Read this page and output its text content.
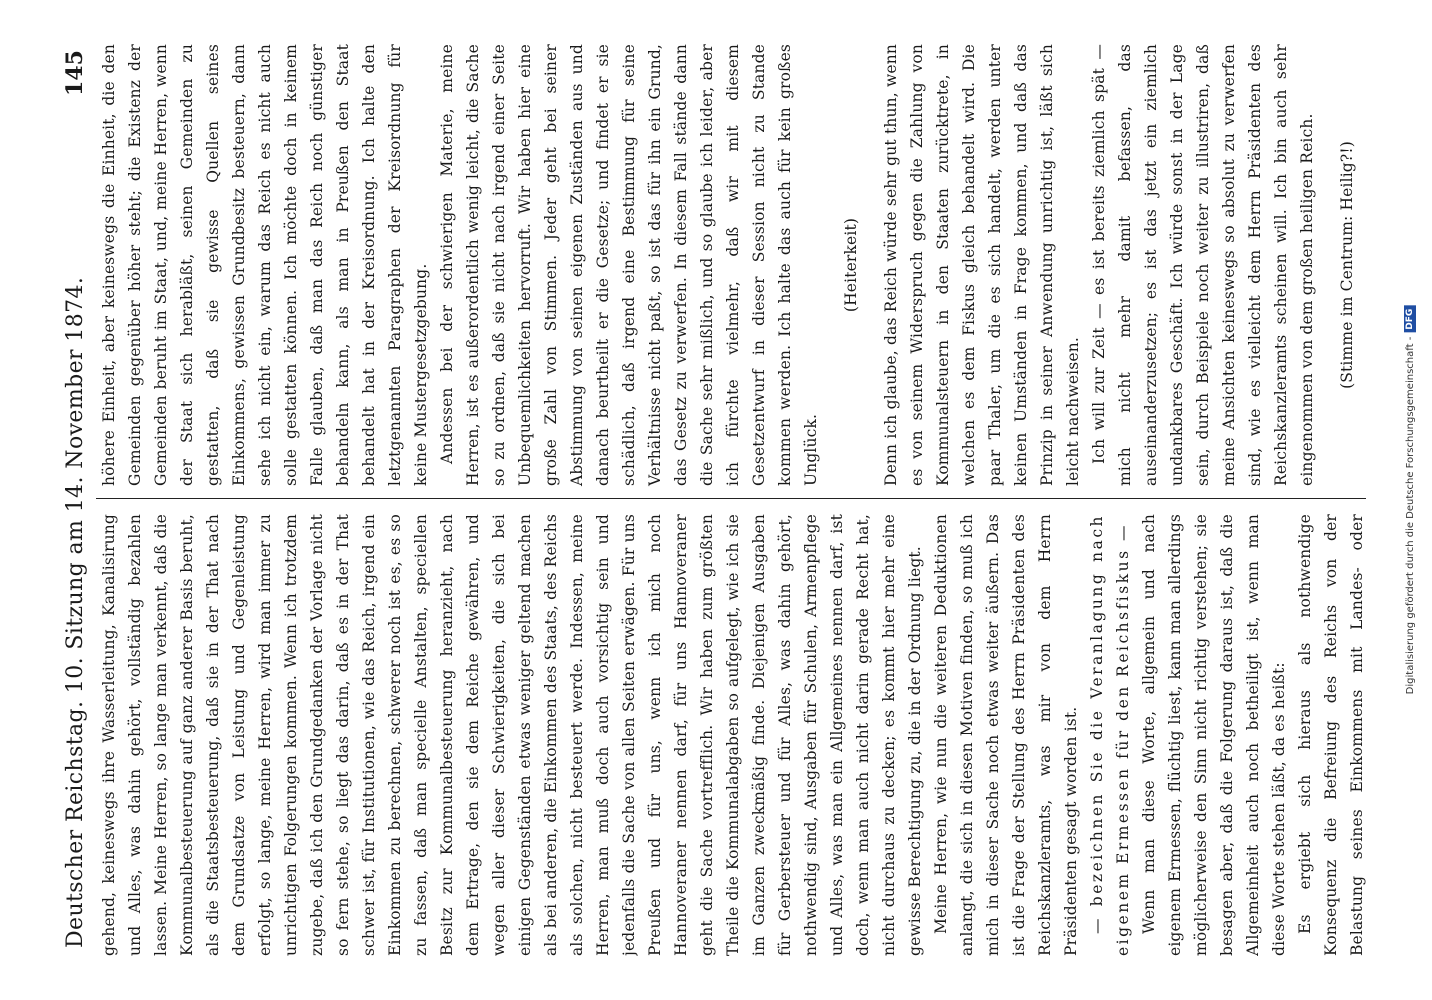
Digitalisierung gefördert durch die Deutsche Forschungsgemeinschaft -
DFG
Deutscher Reichstag. 10. Sitzung am 14. November 1874.
145

gehend, keineswegs ihre Wasserleitung, Kanalisirung und Alles, was dahin gehört, vollständig bezahlen lassen. Meine Herren, so lange man verkennt, daß die Kommunalbesteuerung auf ganz anderer Basis beruht, als die Staatsbesteuerung, daß sie in der That nach dem Grundsatze von Leistung und Gegenleistung erfolgt, so lange, meine Herren, wird man immer zu unrichtigen Folgerungen kommen. Wenn ich trotzdem zugebe, daß ich den Grundgedanken der Vorlage nicht so fern stehe, so liegt das darin, daß es in der That schwer ist, für Institutionen, wie das Reich, irgend ein Einkommen zu berechnen, schwerer noch ist es, es so zu fassen, daß man specielle Anstalten, speciellen Besitz zur Kommunalbesteuerung heranzieht, nach dem Ertrage, den sie dem Reiche gewähren, und wegen aller dieser Schwierigkeiten, die sich bei einigen Gegenständen etwas weniger geltend machen als bei anderen, die Einkommen des Staats, des Reichs als solchen, nicht besteuert werde. Indessen, meine Herren, man muß doch auch vorsichtig sein und jedenfalls die Sache von allen Seiten erwägen. Für uns Preußen und für uns, wenn ich mich noch Hannoveraner nennen darf, für uns Hannoveraner geht die Sache vortrefflich. Wir haben zum größten Theile die Kommunalabgaben so aufgelegt, wie ich sie im Ganzen zweckmäßig finde. Diejenigen Ausgaben für Gerbersteuer und für Alles, was dahin gehört, nothwendig sind, Ausgaben für Schulen, Armenpflege und Alles, was man ein Allgemeines nennen darf, ist doch, wenn man auch nicht darin gerade Recht hat, nicht durchaus zu decken; es kommt hier mehr eine gewisse Berechtigung zu, die in der Ordnung liegt. Meine Herren, wie nun die weiteren Deduktionen anlangt, die sich in diesen Motiven finden, so muß ich mich in dieser Sache noch etwas weiter äußern. Das ist die Frage der Stellung des Herrn Präsidenten des Reichskanzleramts, was mir von dem Herrn Präsidenten gesagt worden ist. — bezeichnen Sie die Veranlagung nach eigenem Ermessen für den Reichsfiskus — Wenn man diese Worte, allgemein und nach eigenem Ermessen, flüchtig liest, kann man allerdings möglicherweise den Sinn nicht richtig verstehen; sie besagen aber, daß die Folgerung daraus ist, daß die Allgemeinheit auch noch betheiligt ist, wenn man diese Worte stehen läßt, da es heißt: Es ergiebt sich hieraus als nothwendige Konsequenz die Befreiung des Reichs von der Belastung seines Einkommens mit Landes- oder

höhere Einheit, aber keineswegs die Einheit, die den Gemeinden gegenüber höher steht; die Existenz der Gemeinden beruht im Staat, und, meine Herren, wenn der Staat sich herabläßt, seinen Gemeinden zu gestatten, daß sie gewisse Quellen seines Einkommens, gewissen Grundbesitz besteuern, dann sehe ich nicht ein, warum das Reich es nicht auch solle gestatten können. Ich möchte doch in keinem Falle glauben, daß man das Reich noch günstiger behandeln kann, als man in Preußen den Staat behandelt hat in der Kreisordnung. Ich halte den letztgenannten Paragraphen der Kreisordnung für keine Mustergesetzgebung. Andessen bei der schwierigen Materie, meine Herren, ist es außerordentlich wenig leicht, die Sache so zu ordnen, daß sie nicht nach irgend einer Seite Unbequemlichkeiten hervorruft. Wir haben hier eine große Zahl von Stimmen. Jeder geht bei seiner Abstimmung von seinen eigenen Zuständen aus und danach beurtheilt er die Gesetze; und findet er sie schädlich, daß irgend eine Bestimmung für seine Verhältnisse nicht paßt, so ist das für ihn ein Grund, das Gesetz zu verwerfen. In diesem Fall stände dann die Sache sehr mißlich, und so glaube ich leider, aber ich fürchte vielmehr, daß wir mit diesem Gesetzentwurf in dieser Session nicht zu Stande kommen werden. Ich halte das auch für kein großes Unglück.

(Heiterkeit) Denn ich glaube, das Reich würde sehr gut thun, wenn es von seinem Widerspruch gegen die Zahlung von Kommunalsteuern in den Staaten zurücktrete, in welchen es dem Fiskus gleich behandelt wird. Die paar Thaler, um die es sich handelt, werden unter keinen Umständen in Frage kommen, und daß das Prinzip in seiner Anwendung unrichtig ist, läßt sich leicht nachweisen. Ich will zur Zeit — es ist bereits ziemlich spät — mich nicht mehr damit befassen, das auseinanderzusetzen; es ist das jetzt ein ziemlich undankbares Geschäft. Ich würde sonst in der Lage sein, durch Beispiele noch weiter zu illustriren, daß meine Ansichten keineswegs so absolut zu verwerfen sind, wie es vielleicht dem Herrn Präsidenten des Reichskanzleramts scheinen will. Ich bin auch sehr eingenommen von dem großen heiligen Reich. (Stimme im Centrum: Heilig?!)
